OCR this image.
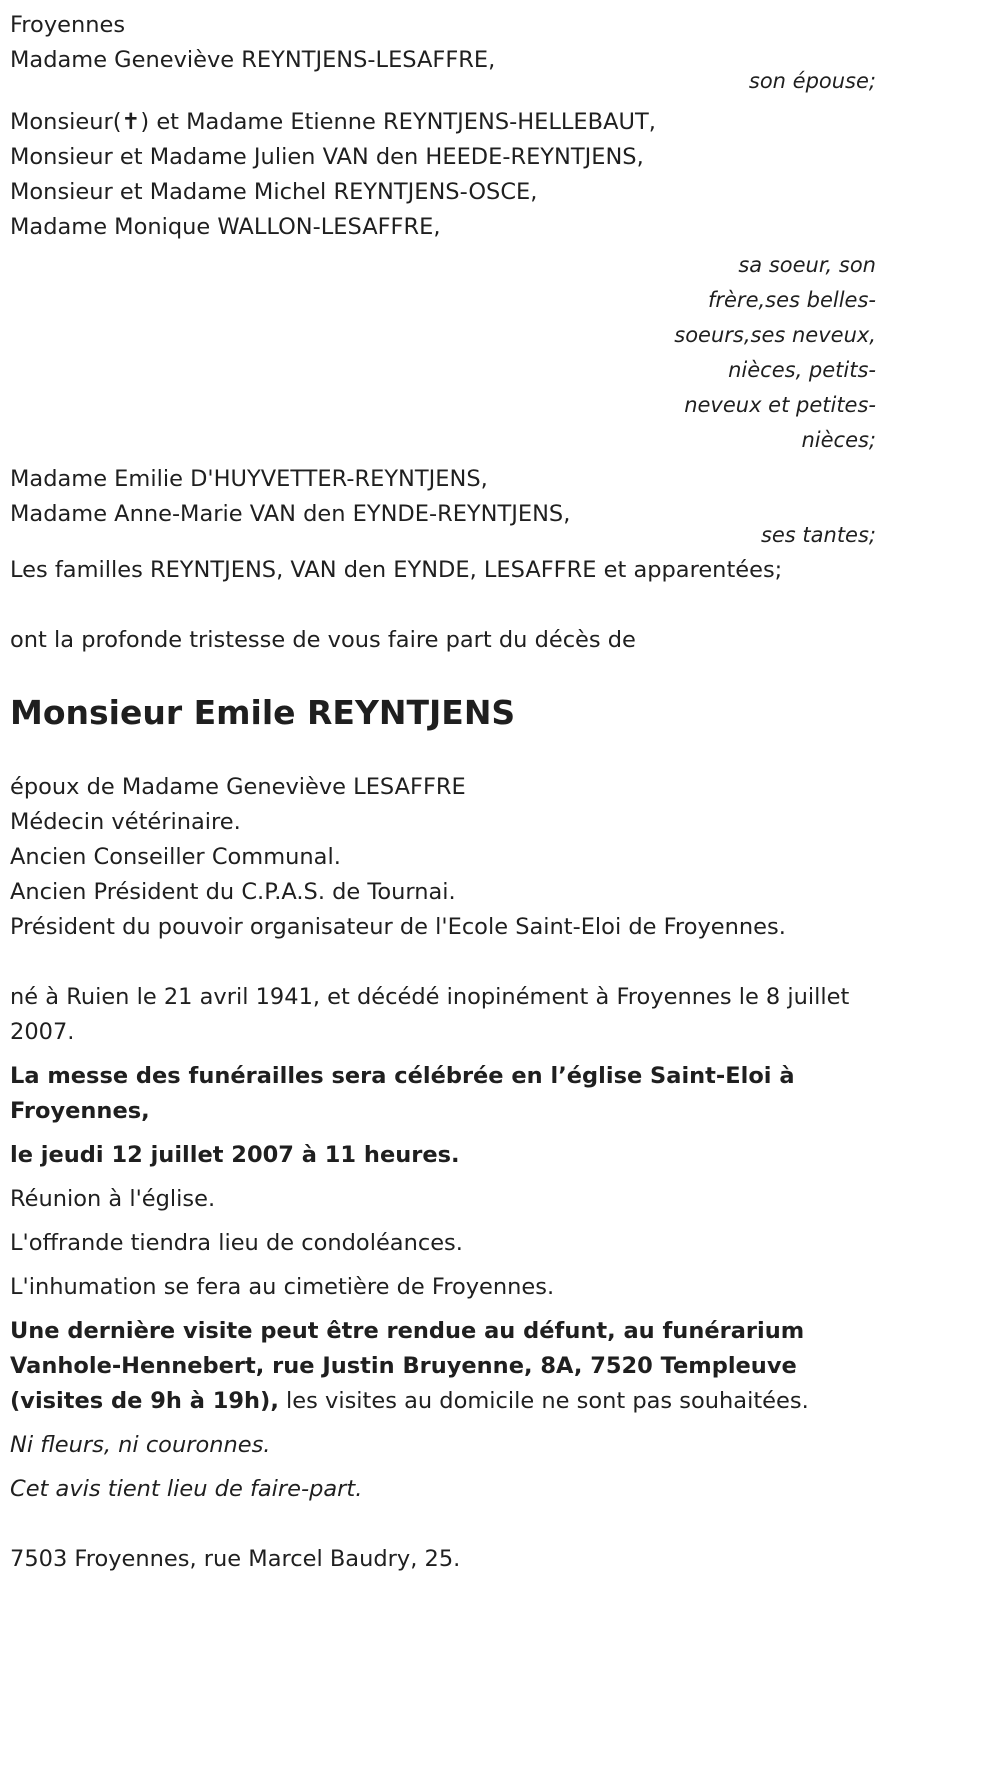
Froyennes

Madame Geneviève REYNTJENS-LESAFFRE,

son épouse;

Monsieur(✝) et Madame Etienne REYNTJENS-HELLEBAUT,

Monsieur et Madame Julien VAN den HEEDE-REYNTJENS,

Monsieur et Madame Michel REYNTJENS-OSCE,

Madame Monique WALLON-LESAFFRE,

sa soeur, son
frère,ses belles-
soeurs,ses neveux,
nièces, petits-
neveux et petites-
nièces;

Madame Emilie D'HUYVETTER-REYNTJENS,

Madame Anne-Marie VAN den EYNDE-REYNTJENS,

ses tantes;

Les familles REYNTJENS, VAN den EYNDE, LESAFFRE et apparentées;

ont la profonde tristesse de vous faire part du décès de

Monsieur Emile REYNTJENS

époux de Madame Geneviève LESAFFRE

Médecin vétérinaire.

Ancien Conseiller Communal.

Ancien Président du C.P.A.S. de Tournai.

Président du pouvoir organisateur de l'Ecole Saint-Eloi de Froyennes.

né à Ruien le 21 avril 1941, et décédé inopinément à Froyennes le 8 juillet 2007.

La messe des funérailles sera célébrée en l’église Saint-Eloi à Froyennes,

le jeudi 12 juillet 2007 à 11 heures.

Réunion à l'église.

L'offrande tiendra lieu de condoléances.

L'inhumation se fera au cimetière de Froyennes.

Une dernière visite peut être rendue au défunt, au funérarium Vanhole-Hennebert, rue Justin Bruyenne, 8A, 7520 Templeuve (visites de 9h à 19h), les visites au domicile ne sont pas souhaitées.

Ni fleurs, ni couronnes.

Cet avis tient lieu de faire-part.

7503 Froyennes, rue Marcel Baudry, 25.
